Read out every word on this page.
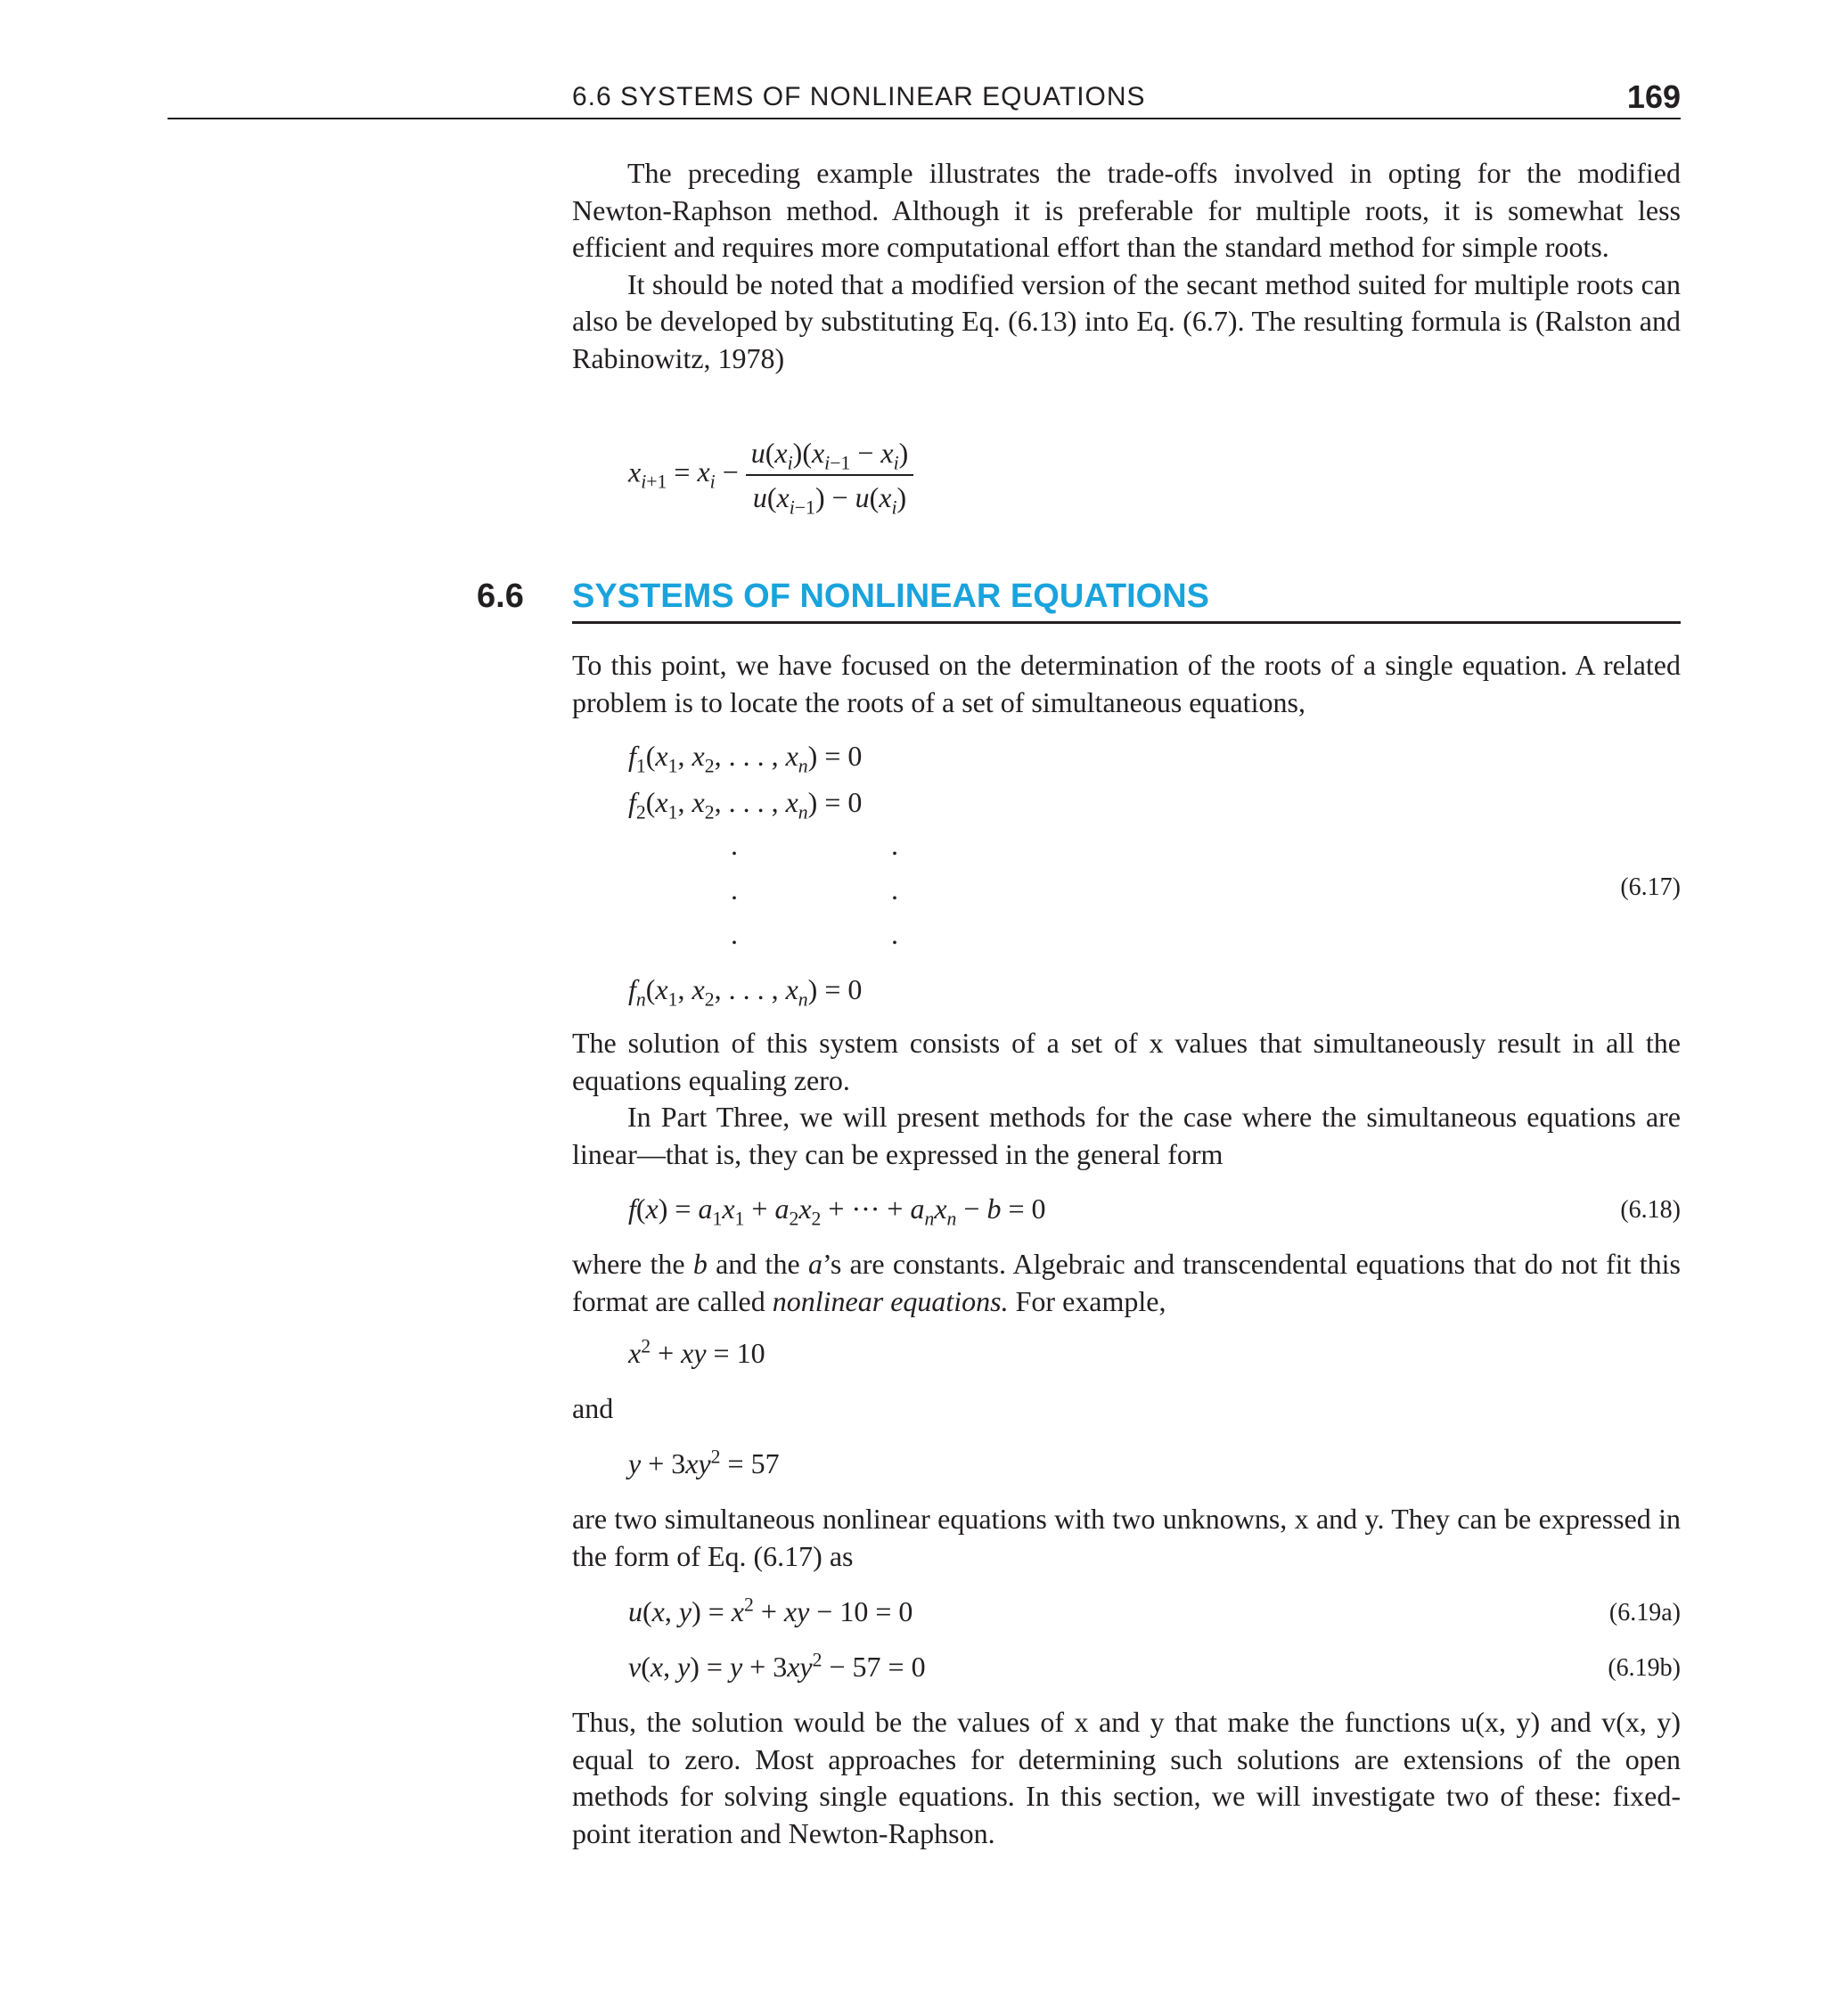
6.6 SYSTEMS OF NONLINEAR EQUATIONS	169

The preceding example illustrates the trade-offs involved in opting for the modified Newton-Raphson method. Although it is preferable for multiple roots, it is somewhat less efficient and requires more computational effort than the standard method for simple roots.

It should be noted that a modified version of the secant method suited for multiple roots can also be developed by substituting Eq. (6.13) into Eq. (6.7). The resulting formula is (Ralston and Rabinowitz, 1978)

$x_{i+1} = x_i - \frac{u(x_i)(x_{i-1} - x_i)}{u(x_{i-1}) - u(x_i)}$
6.6 SYSTEMS OF NONLINEAR EQUATIONS

To this point, we have focused on the determination of the roots of a single equation. A related problem is to locate the roots of a set of simultaneous equations,

$f_1(x_1$, $x_2$, . . . , $x_n) = 0$
$f_2(x_1$, $x_2$, . . . , $x_n) = 0$
.	.
.	.
.	.
$f_n(x_1$, $x_2$, . . . , $x_n) = 0$
(6.17)

The solution of this system consists of a set of x values that simultaneously result in all the equations equaling zero.

In Part Three, we will present methods for the case where the simultaneous equations are linear—that is, they can be expressed in the general form

$f(x) = a_1x_1 + a_2x_2$ + ··· + $a_nx_n - b = 0$	(6.18)

where the b and the a’s are constants. Algebraic and transcendental equations that do not fit this format are called nonlinear equations. For example,

$x^2$ + xy = 10

and

$y + 3xy^2 = 57$

are two simultaneous nonlinear equations with two unknowns, x and y. They can be expressed in the form of Eq. (6.17) as

u(x, $y) = x^2$ + xy − 10 = 0	(6.19a)
v(x, $y) = y + 3xy^2 - 57 = 0$	(6.19b)

Thus, the solution would be the values of x and y that make the functions u(x, y) and v(x, y) equal to zero. Most approaches for determining such solutions are extensions of the open methods for solving single equations. In this section, we will investigate two of these: fixed-point iteration and Newton-Raphson.
